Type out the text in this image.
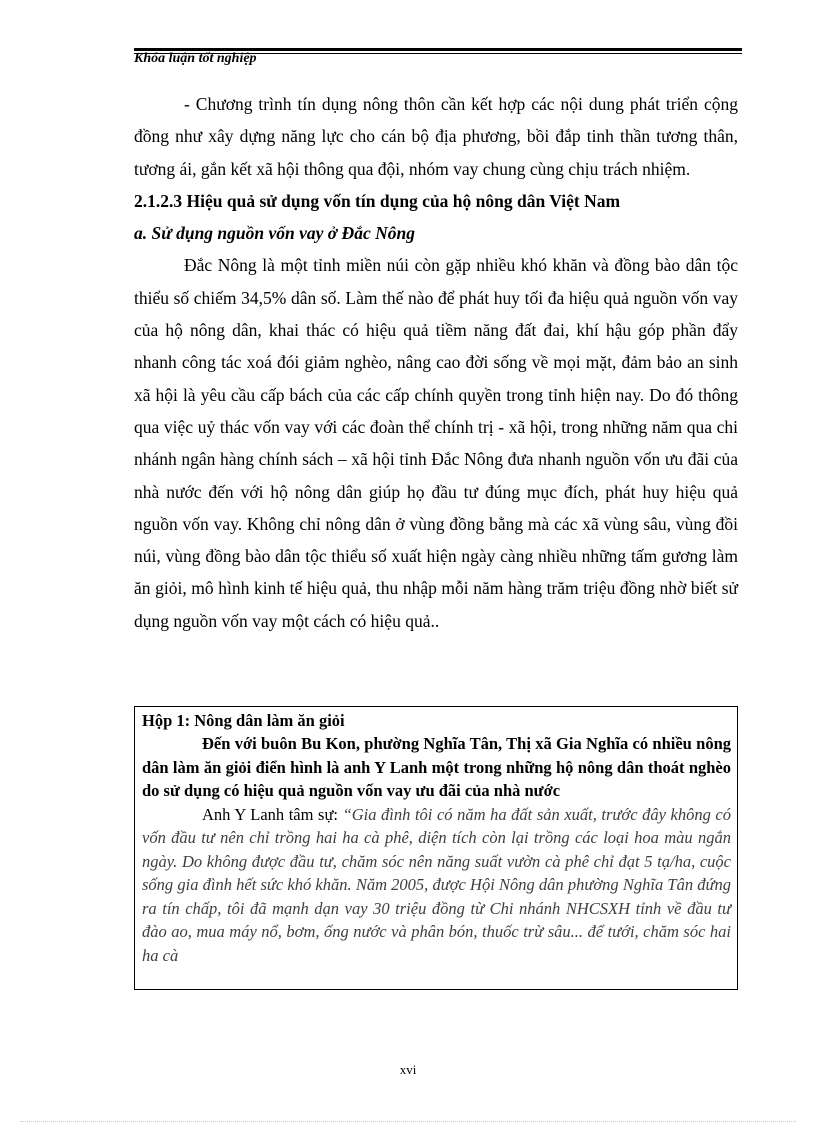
Khóa luận tốt nghiệp

- Chương trình tín dụng nông thôn cần kết hợp các nội dung phát triển cộng đồng như xây dựng năng lực cho cán bộ địa phương, bồi đắp tinh thần tương thân, tương ái, gắn kết xã hội thông qua đội, nhóm vay chung cùng chịu trách nhiệm.

2.1.2.3 Hiệu quả sử dụng vốn tín dụng của hộ nông dân Việt Nam

a. Sử dụng nguồn vốn vay ở Đắc Nông

Đắc Nông là một tỉnh miền núi còn gặp nhiều khó khăn và đồng bào dân tộc thiểu số chiếm 34,5% dân số. Làm thế nào để phát huy tối đa hiệu quả nguồn vốn vay của hộ nông dân, khai thác có hiệu quả tiềm năng đất đai, khí hậu góp phần đẩy nhanh công tác xoá đói giảm nghèo, nâng cao đời sống về mọi mặt, đảm bảo an sinh xã hội là yêu cầu cấp bách của các cấp chính quyền trong tỉnh hiện nay. Do đó thông qua việc uỷ thác vốn vay với các đoàn thể chính trị - xã hội, trong những năm qua chi nhánh ngân hàng chính sách – xã hội tỉnh Đắc Nông đưa nhanh nguồn vốn ưu đãi của nhà nước đến với hộ nông dân giúp họ đầu tư đúng mục đích, phát huy hiệu quả nguồn vốn vay. Không chỉ nông dân ở vùng đồng bằng mà các xã vùng sâu, vùng đồi núi, vùng đồng bào dân tộc thiểu số xuất hiện ngày càng nhiều những tấm gương làm ăn giỏi, mô hình kinh tế hiệu quả, thu nhập mỗi năm hàng trăm triệu đồng nhờ biết sử dụng nguồn vốn vay một cách có hiệu quả..

Hộp 1: Nông dân làm ăn giỏi

Đến với buôn Bu Kon, phường Nghĩa Tân, Thị xã Gia Nghĩa có nhiều nông dân làm ăn giỏi điển hình là anh Y Lanh một trong những hộ nông dân thoát nghèo do sử dụng có hiệu quả nguồn vốn vay ưu đãi của nhà nước

Anh Y Lanh tâm sự: “Gia đình tôi có năm ha đất sản xuất, trước đây không có vốn đầu tư nên chỉ trồng hai ha cà phê, diện tích còn lại trồng các loại hoa màu ngắn ngày. Do không được đầu tư, chăm sóc nên năng suất vườn cà phê chỉ đạt 5 tạ/ha, cuộc sống gia đình hết sức khó khăn. Năm 2005, được Hội Nông dân phường Nghĩa Tân đứng ra tín chấp, tôi đã mạnh dạn vay 30 triệu đồng từ Chi nhánh NHCSXH tỉnh về đầu tư đào ao, mua máy nổ, bơm, ống nước và phân bón, thuốc trừ sâu... để tưới, chăm sóc hai ha cà

xvi
